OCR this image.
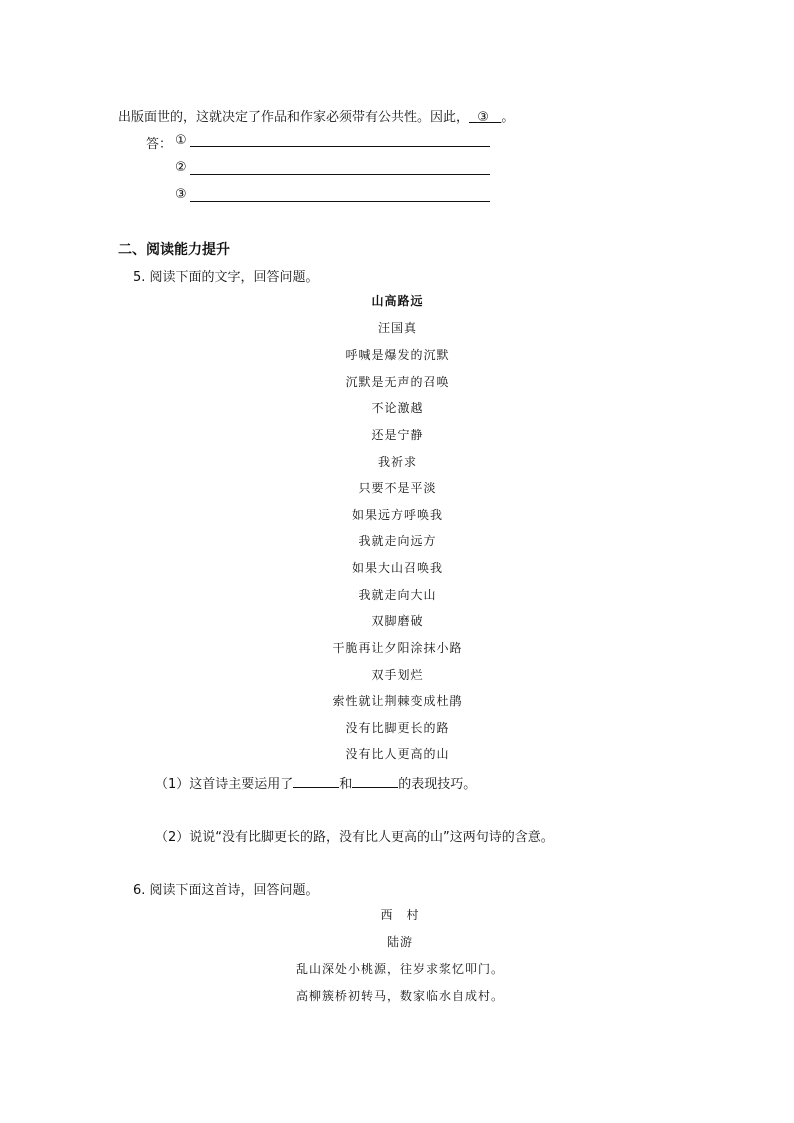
出版面世的，这就决定了作品和作家必须带有公共性。因此， ③ 。
答： ①
②
③
二、阅读能力提升
5. 阅读下面的文字，回答问题。
山高路远
汪国真
呼喊是爆发的沉默
沉默是无声的召唤
不论激越
还是宁静
我祈求
只要不是平淡
如果远方呼唤我
我就走向远方
如果大山召唤我
我就走向大山
双脚磨破
干脆再让夕阳涂抹小路
双手划烂
索性就让荆棘变成杜鹃
没有比脚更长的路
没有比人更高的山
（1）这首诗主要运用了	和	的表现技巧。
（2）说说“没有比脚更长的路，没有比人更高的山”这两句诗的含意。
6. 阅读下面这首诗，回答问题。
西　村
陆游
乱山深处小桃源，往岁求浆忆叩门。
高柳簇桥初转马，数家临水自成村。
